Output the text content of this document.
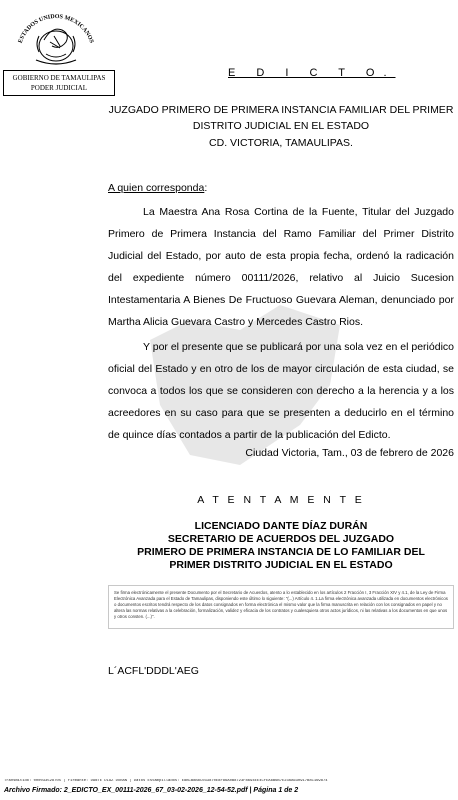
ESTADOS UNIDOS MEXICANOS
GOBIERNO DE TAMAULIPAS
PODER JUDICIAL
E D I C T O.
JUZGADO PRIMERO DE PRIMERA INSTANCIA FAMILIAR DEL PRIMER
DISTRITO JUDICIAL EN EL ESTADO
CD. VICTORIA, TAMAULIPAS.
A quien corresponda:
La Maestra Ana Rosa Cortina de la Fuente, Titular del Juzgado Primero de Primera Instancia del Ramo Familiar del Primer Distrito Judicial del Estado, por auto de esta propia fecha, ordenó la radicación del expediente número 00111/2026, relativo al Juicio Sucesion Intestamentaria A Bienes De Fructuoso Guevara Aleman, denunciado por Martha Alicia Guevara Castro y Mercedes Castro Rios.
Y por el presente que se publicará por una sola vez en el periódico oficial del Estado y en otro de los de mayor circulación de esta ciudad, se convoca a todos los que se consideren con derecho a la herencia y a los acreedores en su caso para que se presenten a deducirlo en el término de quince días contados a partir de la publicación del Edicto.
Ciudad Victoria, Tam., 03 de febrero de 2026
A T E N T A M E N T E
LICENCIADO DANTE DÍAZ DURÁN
SECRETARIO DE ACUERDOS DEL JUZGADO
PRIMERO DE PRIMERA INSTANCIA DE LO FAMILIAR DEL
PRIMER DISTRITO JUDICIAL EN EL ESTADO
Se firma electrónicamente el presente Documento por el Secretario de Acuerdos, atento a lo establecido en los artículos 2 Fracción I, 3 Fracción XIV y 4.1, de la Ley de Firma Electrónica Avanzada para el Estado de Tamaulipas, disponiendo este último lo siguiente: "(...) Artículo 4. 1.La firma electrónica avanzada utilizada en documentos electrónicos o documentos escritos tendrá respecto de los datos consignados en forma electrónica el mismo valor que la firma manuscrita en relación con los consignados en papel y no altera las normas relativas a la celebración, formalización, validez y eficacia de los contratos y cualesquiera otros actos jurídicos, ni las relativas a los documentos en que unos y otros consten. (...)".
L´ACFL'DDDL'AEG
Transmitido: 00003352870S | Firmante: DANTE DÍAZ DURÁN | Datos Estampillados: E8BCB8B8C033870E8F86A0B8723F8694EE4CFEA6B6B7E236A630917B8C169874
Archivo Firmado: 2_EDICTO_EX_00111-2026_67_03-02-2026_12-54-52.pdf | Página 1 de 2
